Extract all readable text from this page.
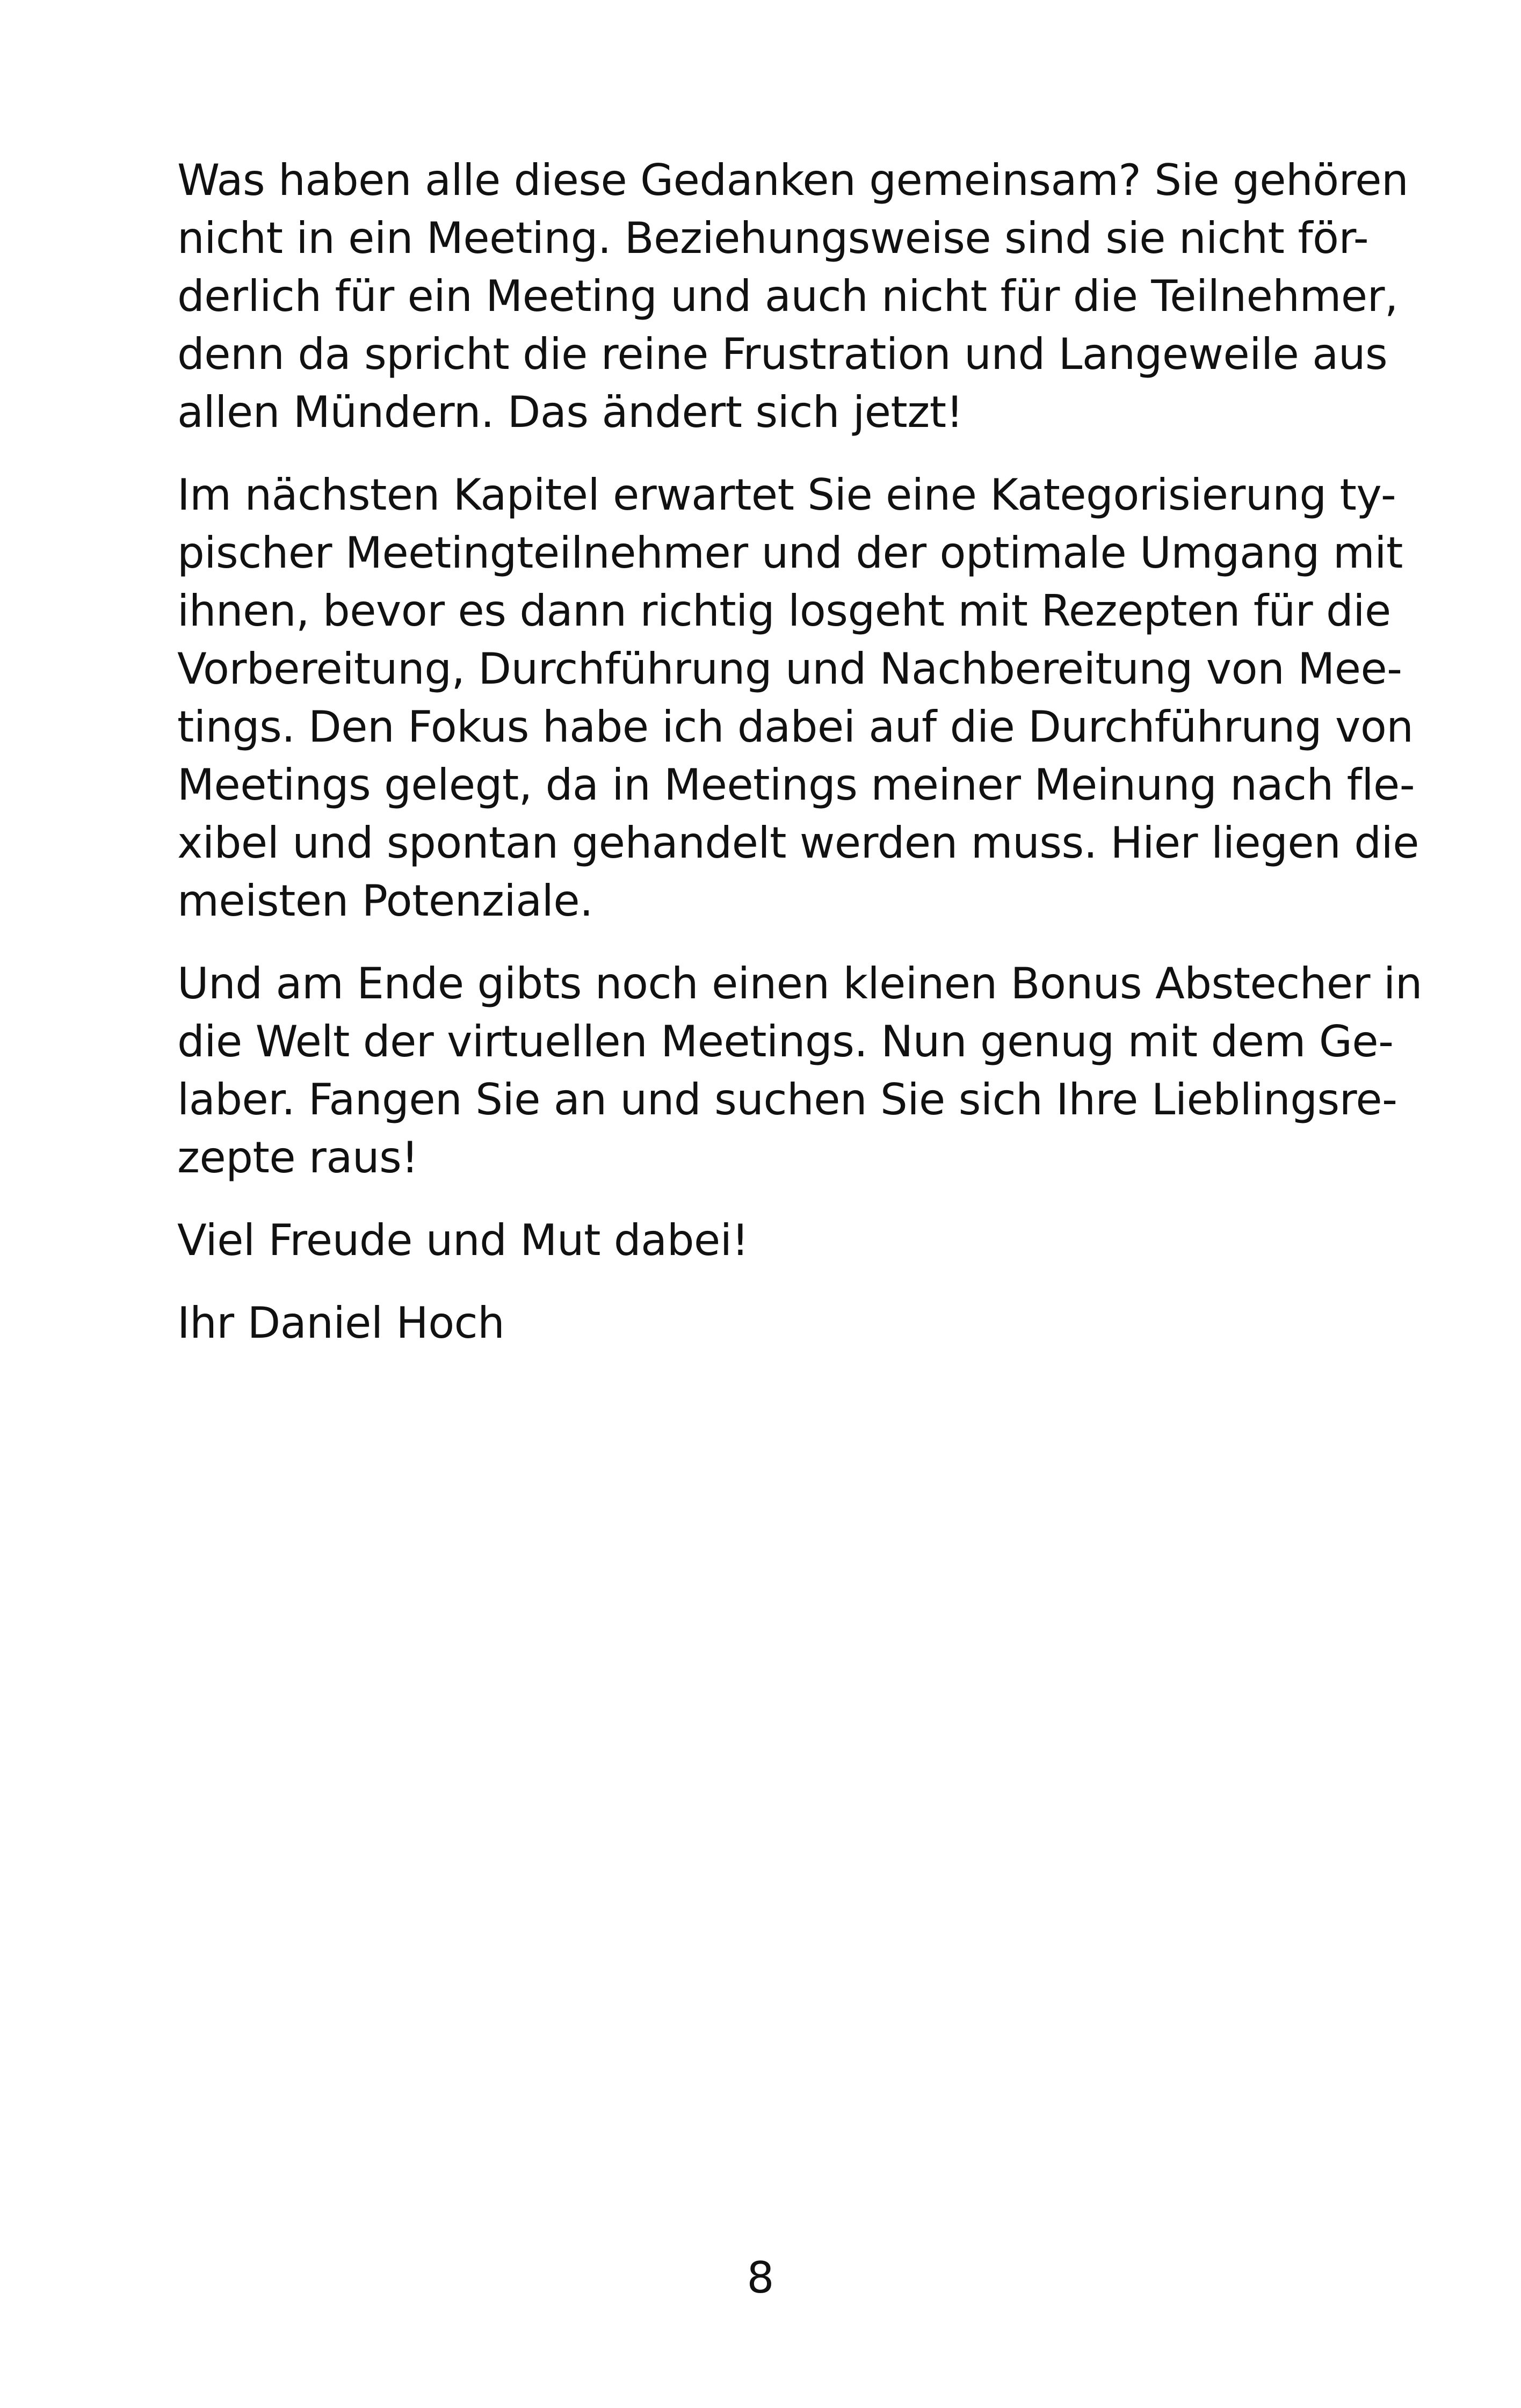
Was haben alle diese Gedanken gemeinsam? Sie gehören
nicht in ein Meeting. Beziehungsweise sind sie nicht för-
derlich für ein Meeting und auch nicht für die Teilnehmer,
denn da spricht die reine Frustration und Langeweile aus
allen Mündern. Das ändert sich jetzt!

Im nächsten Kapitel erwartet Sie eine Kategorisierung ty-
pischer Meetingteilnehmer und der optimale Umgang mit
ihnen, bevor es dann richtig losgeht mit Rezepten für die
Vorbereitung, Durchführung und Nachbereitung von Mee-
tings. Den Fokus habe ich dabei auf die Durchführung von
Meetings gelegt, da in Meetings meiner Meinung nach fle-
xibel und spontan gehandelt werden muss. Hier liegen die
meisten Potenziale.

Und am Ende gibts noch einen kleinen Bonus Abstecher in
die Welt der virtuellen Meetings. Nun genug mit dem Ge-
laber. Fangen Sie an und suchen Sie sich Ihre Lieblingsre-
zepte raus!

Viel Freude und Mut dabei!

Ihr Daniel Hoch

8
